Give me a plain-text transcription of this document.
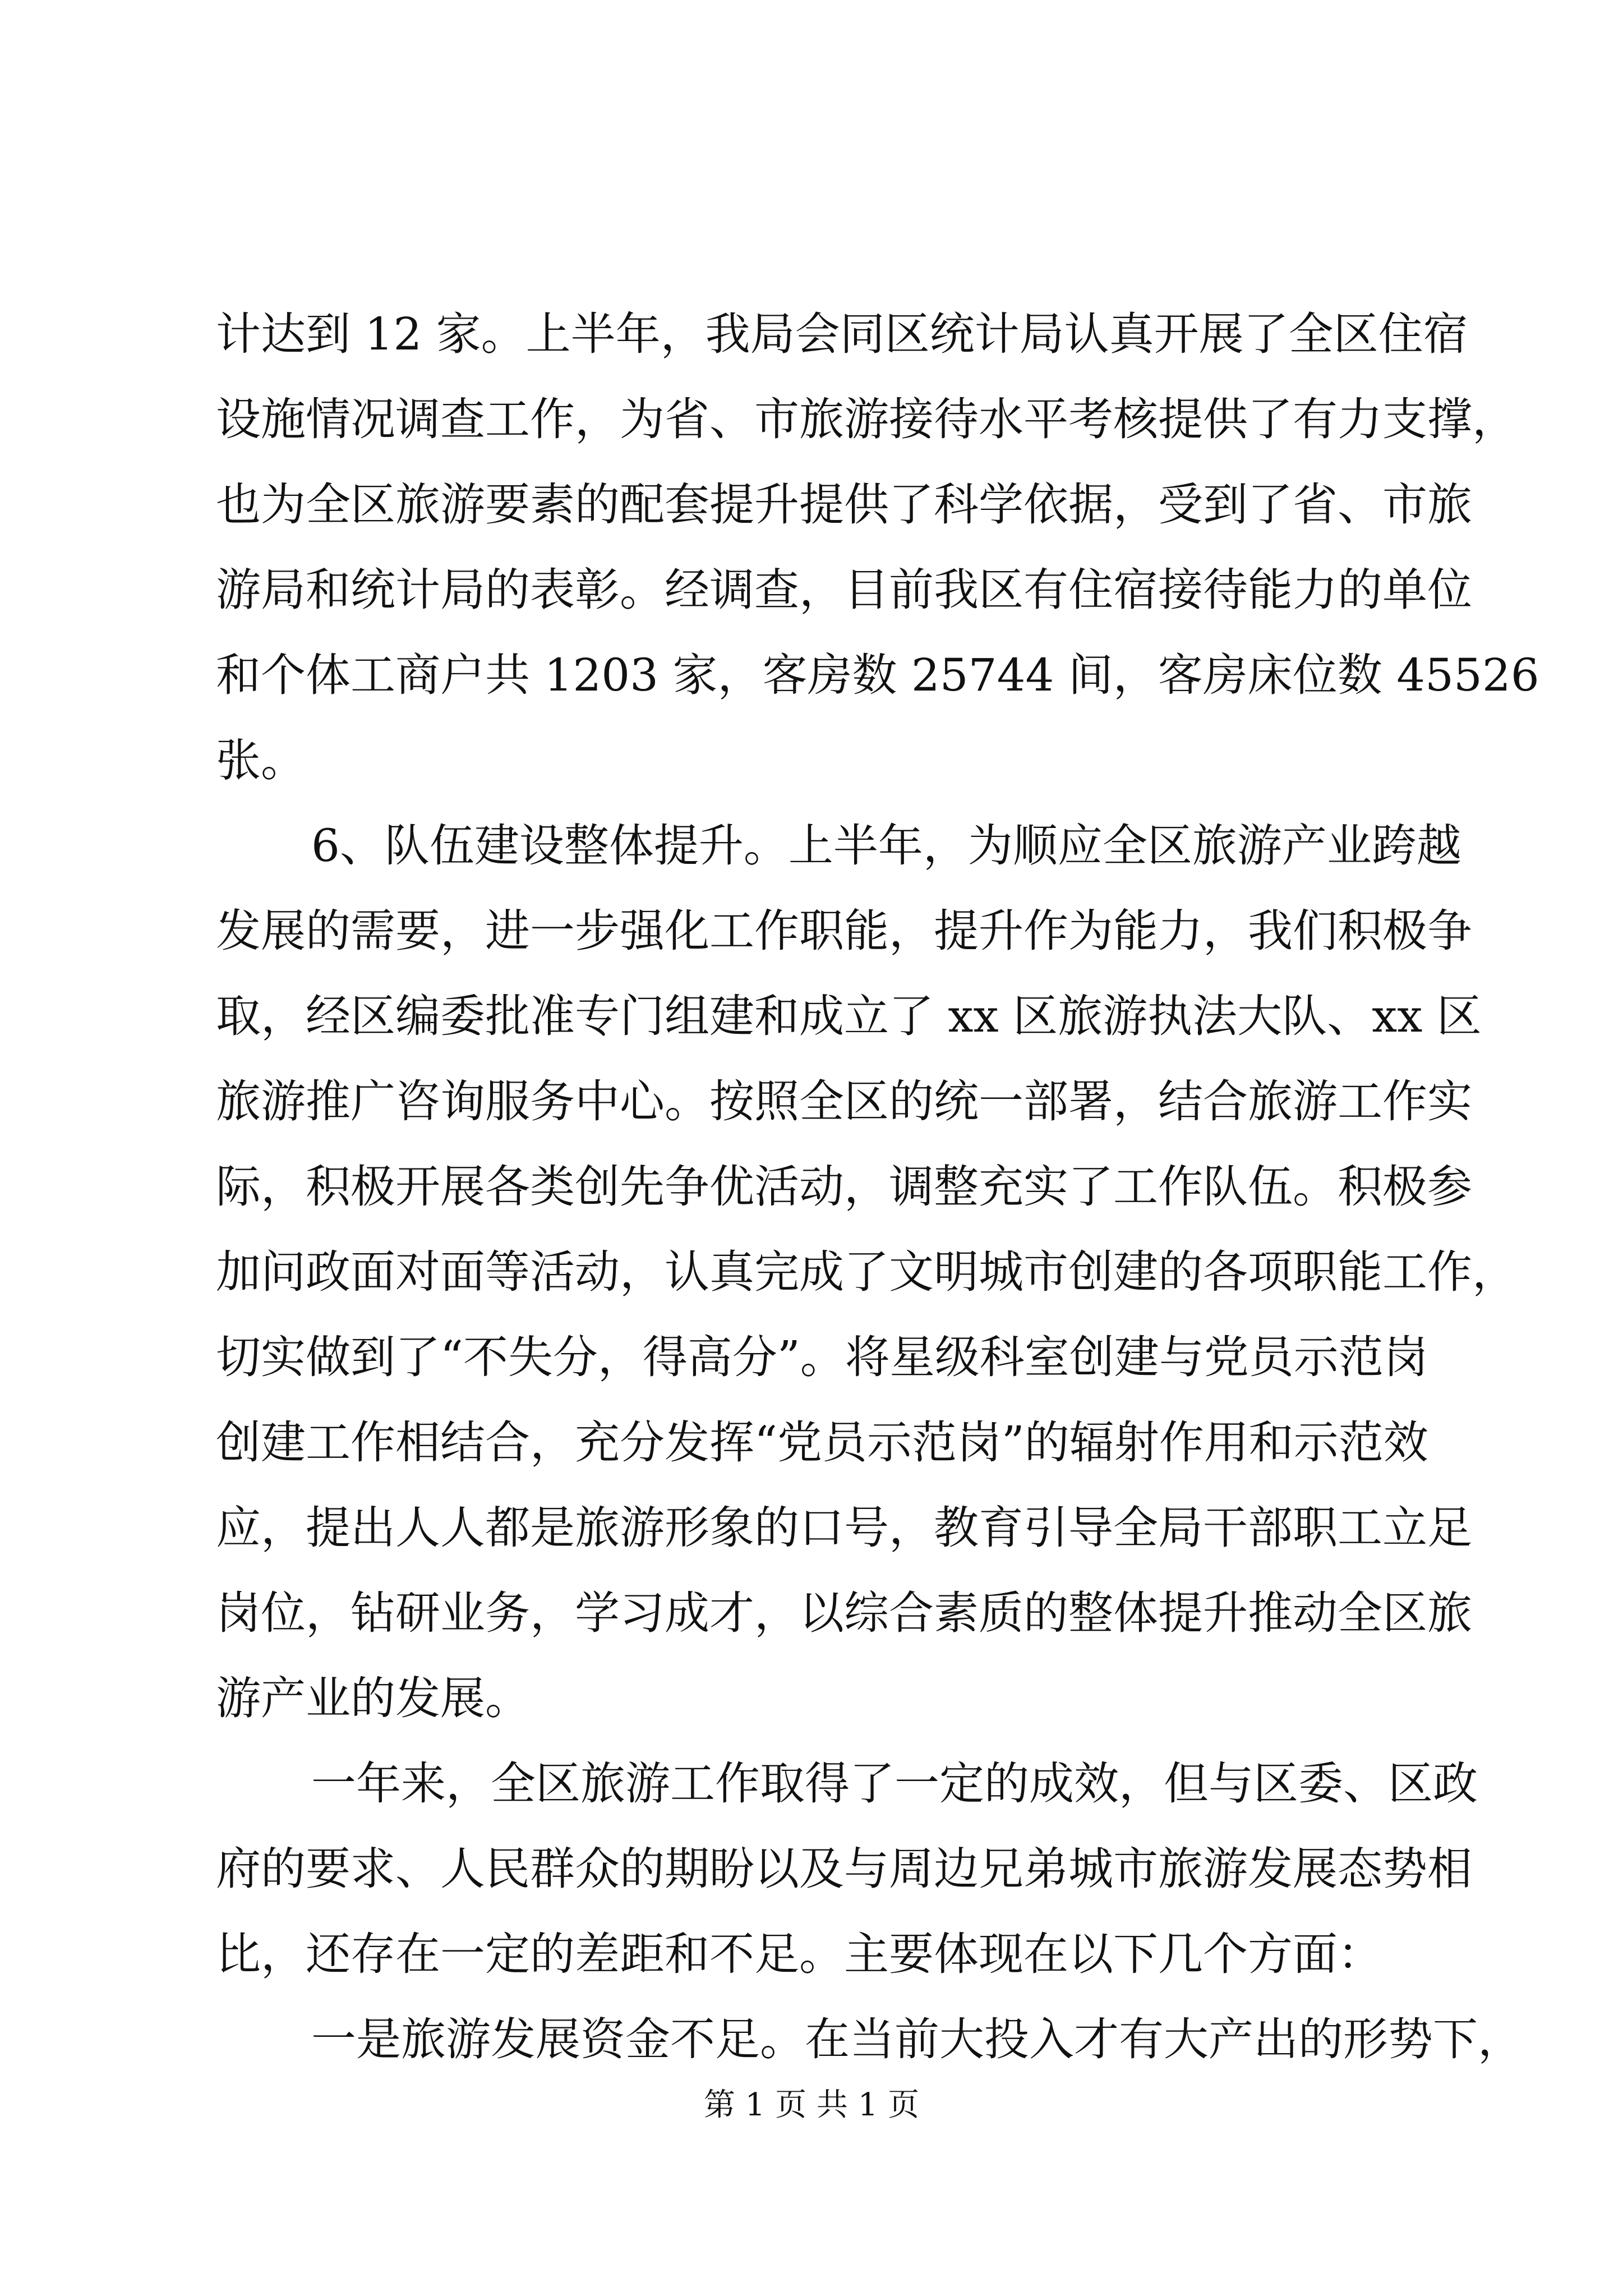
计达到 12 家。上半年，我局会同区统计局认真开展了全区住宿
设施情况调查工作，为省、市旅游接待水平考核提供了有力支撑，
也为全区旅游要素的配套提升提供了科学依据，受到了省、市旅
游局和统计局的表彰。经调查，目前我区有住宿接待能力的单位
和个体工商户共 1203 家，客房数 25744 间，客房床位数 45526
张。
6、队伍建设整体提升。上半年，为顺应全区旅游产业跨越
发展的需要，进一步强化工作职能，提升作为能力，我们积极争
取，经区编委批准专门组建和成立了 xx 区旅游执法大队、xx 区
旅游推广咨询服务中心。按照全区的统一部署，结合旅游工作实
际，积极开展各类创先争优活动，调整充实了工作队伍。积极参
加问政面对面等活动，认真完成了文明城市创建的各项职能工作，
切实做到了“不失分，得高分”。将星级科室创建与党员示范岗
创建工作相结合，充分发挥“党员示范岗”的辐射作用和示范效
应，提出人人都是旅游形象的口号，教育引导全局干部职工立足
岗位，钻研业务，学习成才，以综合素质的整体提升推动全区旅
游产业的发展。
一年来，全区旅游工作取得了一定的成效，但与区委、区政
府的要求、人民群众的期盼以及与周边兄弟城市旅游发展态势相
比，还存在一定的差距和不足。主要体现在以下几个方面：
一是旅游发展资金不足。在当前大投入才有大产出的形势下，
第 1 页 共 1 页
